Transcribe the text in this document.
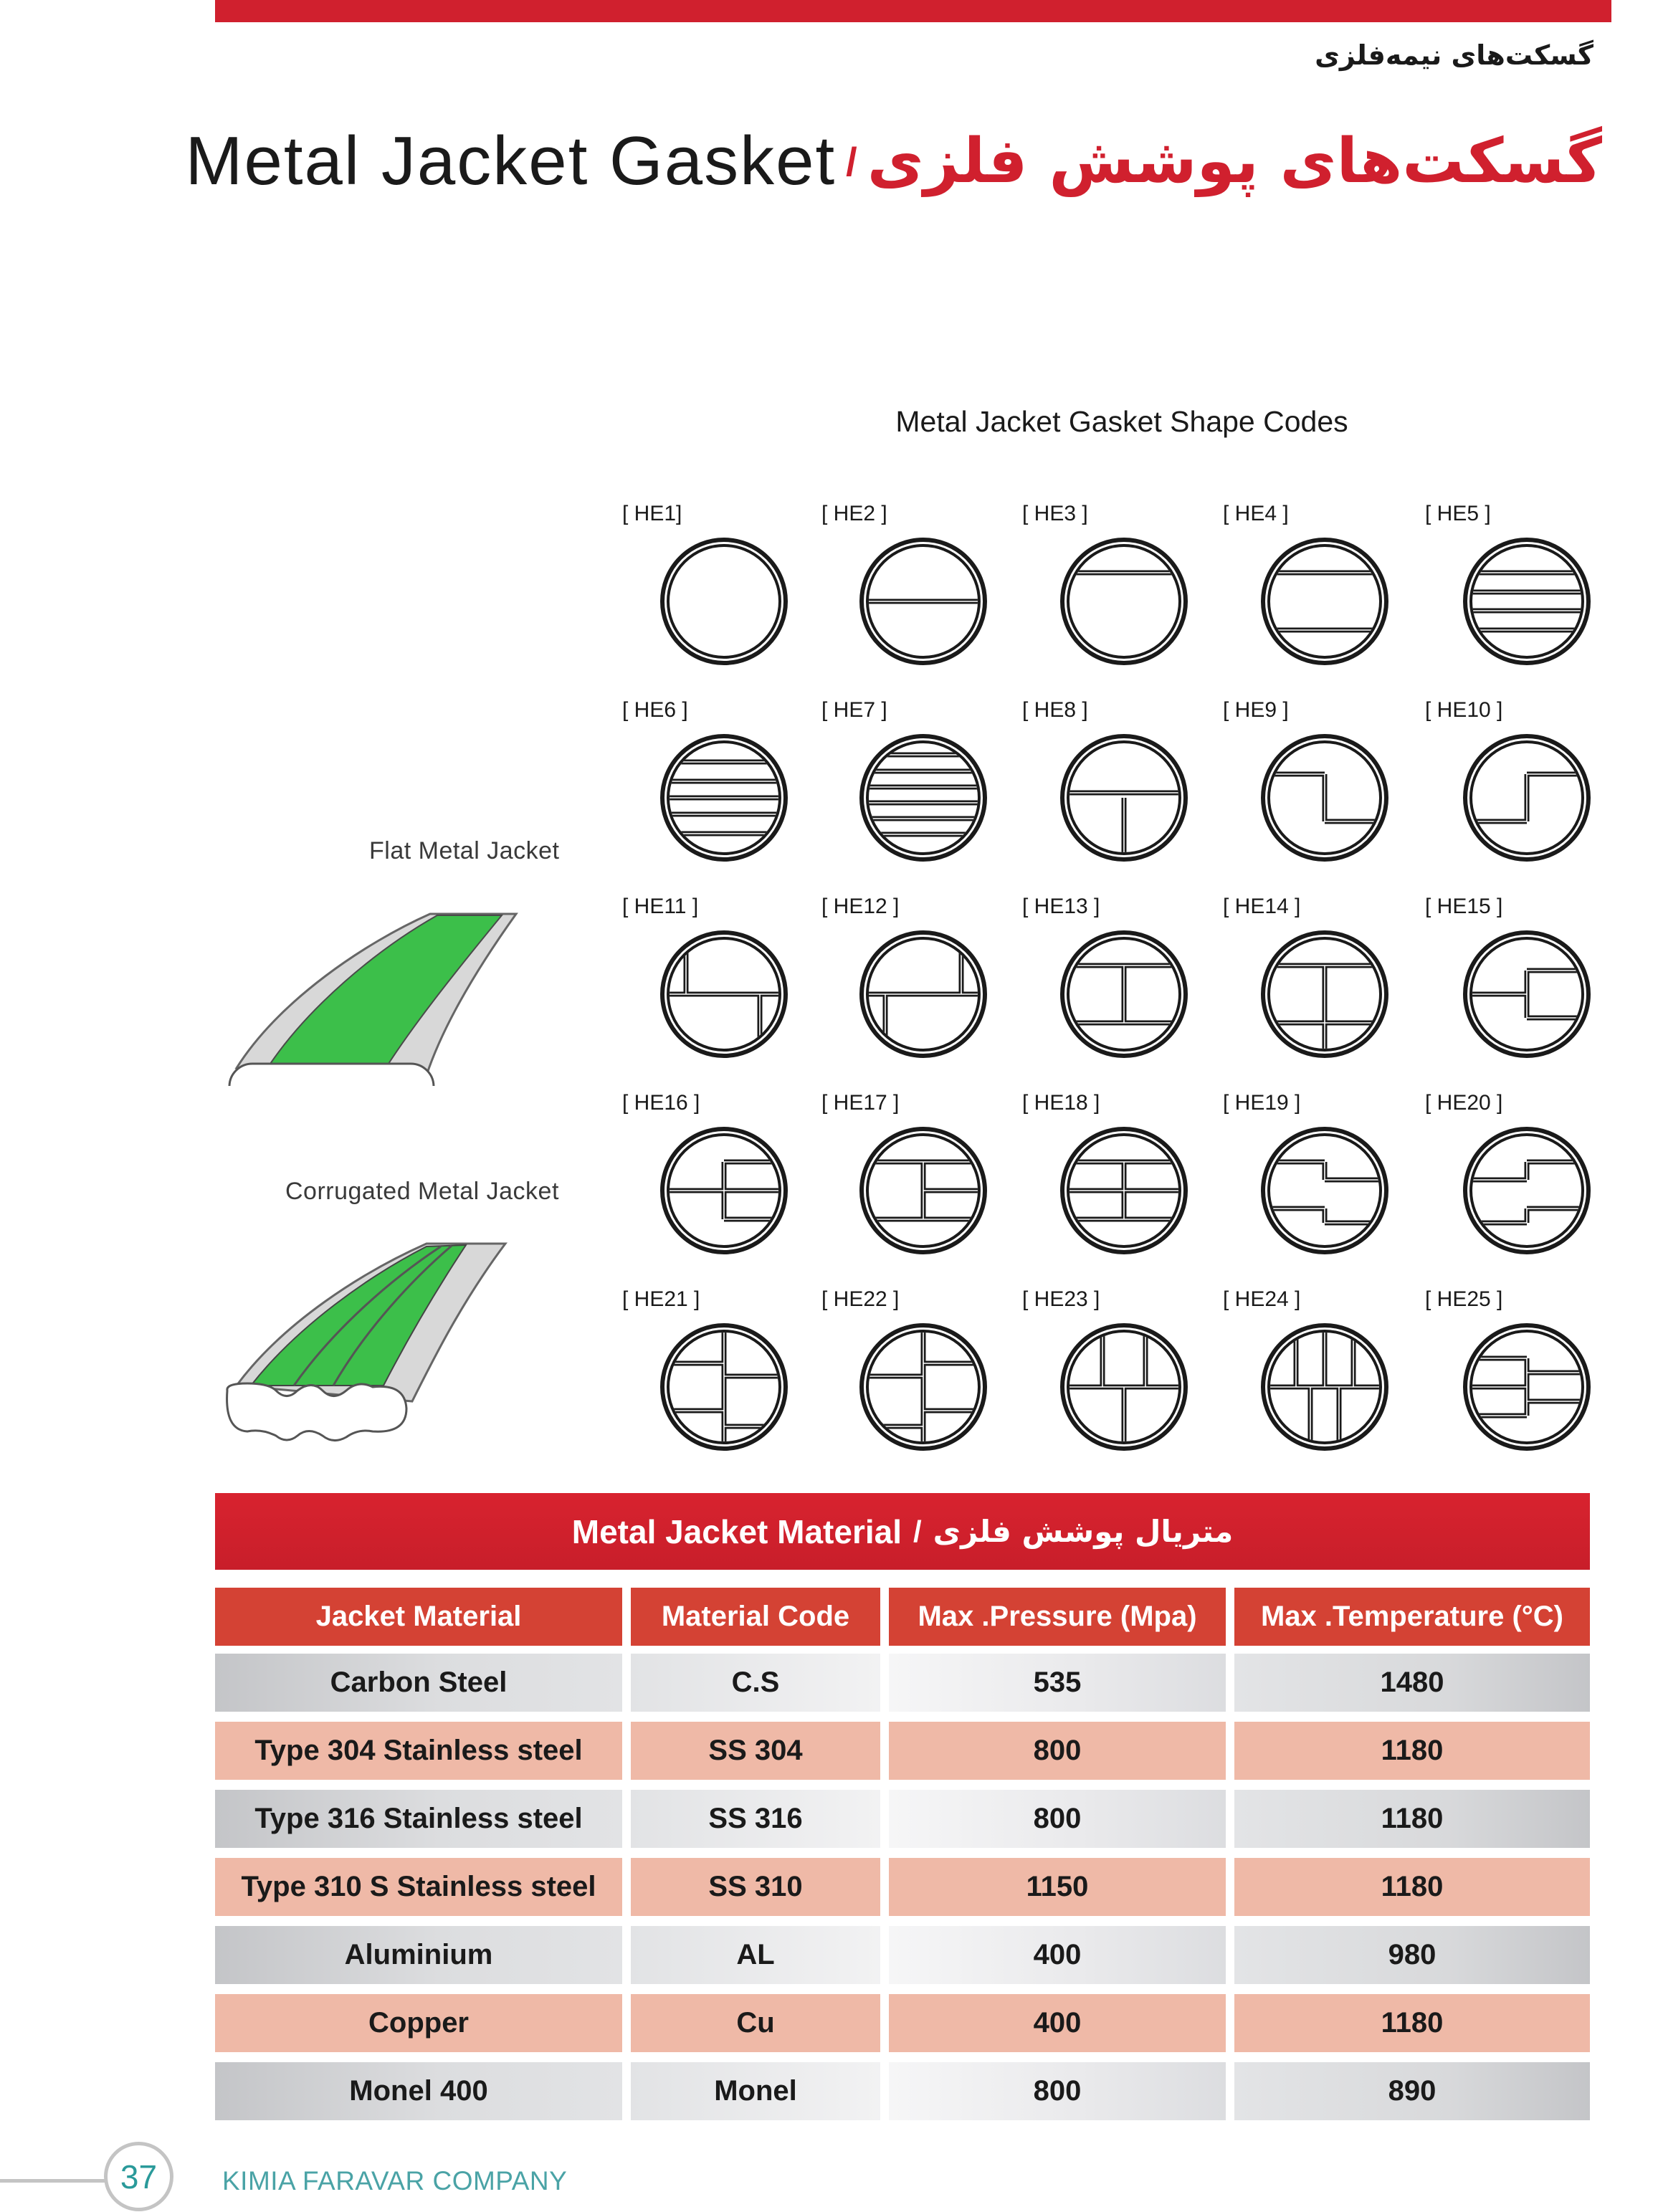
گسکت‌های نیمه‌فلزی
Metal Jacket Gasket / گسکت‌های پوشش فلزی
Metal Jacket Gasket Shape Codes
[ HE1]	[ HE2 ]	[ HE3 ]	[ HE4 ]	[ HE5 ]
[ HE6 ]	[ HE7 ]	[ HE8 ]	[ HE9 ]	[ HE10 ]
[ HE11 ]	[ HE12 ]	[ HE13 ]	[ HE14 ]	[ HE15 ]
[ HE16 ]	[ HE17 ]	[ HE18 ]	[ HE19 ]	[ HE20 ]
[ HE21 ]	[ HE22 ]	[ HE23 ]	[ HE24 ]	[ HE25 ]
Flat Metal Jacket
Corrugated Metal Jacket
Metal Jacket Material / متریال پوشش فلزی
Jacket Material	Material Code	Max .Pressure (Mpa)	Max .Temperature (°C)
Carbon Steel	C.S	535	1480
Type 304 Stainless steel	SS 304	800	1180
Type 316 Stainless steel	SS 316	800	1180
Type 310 S Stainless steel	SS 310	1150	1180
Aluminium	AL	400	980
Copper	Cu	400	1180
Monel 400	Monel	800	890
37	KIMIA FARAVAR COMPANY
